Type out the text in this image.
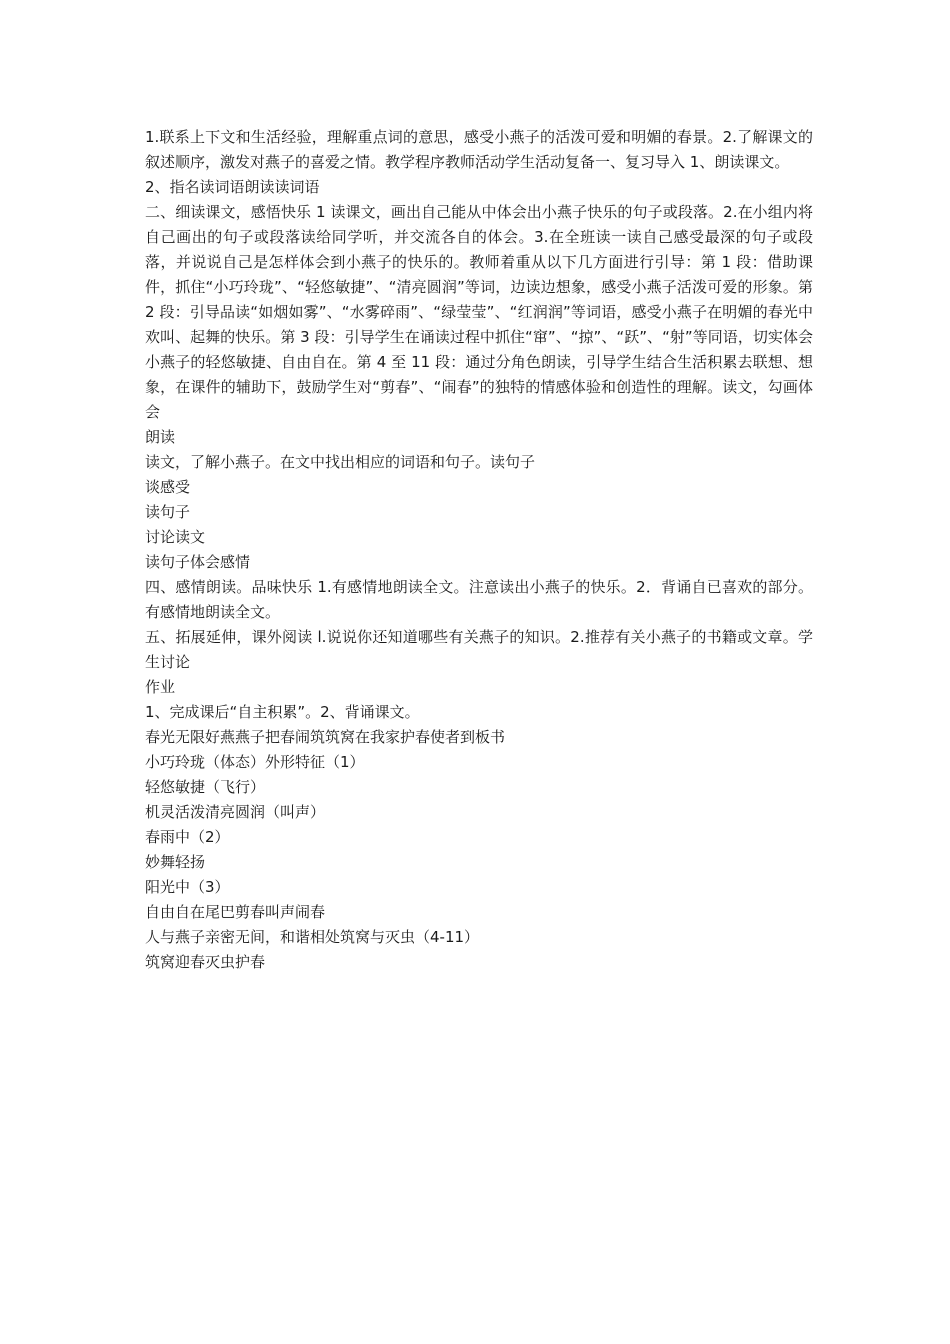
1.联系上下文和生活经验，理解重点词的意思，感受小燕子的活泼可爱和明媚的春景。2.了解课文的叙述顺序，激发对燕子的喜爱之情。教学程序教师活动学生活动复备一、复习导入 1、朗读课文。

2、指名读词语朗读读词语

二、细读课文，感悟快乐 1 读课文，画出自己能从中体会出小燕子快乐的句子或段落。2.在小组内将自己画出的句子或段落读给同学听，并交流各自的体会。3.在全班读一读自己感受最深的句子或段落，并说说自己是怎样体会到小燕子的快乐的。教师着重从以下几方面进行引导：第 1 段：借助课件，抓住“小巧玲珑”、“轻悠敏捷”、“清亮圆润”等词，边读边想象，感受小燕子活泼可爱的形象。第 2 段：引导品读“如烟如雾”、“水雾碎雨”、“绿莹莹”、“红润润”等词语，感受小燕子在明媚的春光中欢叫、起舞的快乐。第 3 段：引导学生在诵读过程中抓住“窜”、“掠”、“跃”、“射”等同语，切实体会小燕子的轻悠敏捷、自由自在。第 4 至 11 段：通过分角色朗读，引导学生结合生活积累去联想、想象，在课件的辅助下，鼓励学生对“剪春”、“闹春”的独特的情感体验和创造性的理解。读文，勾画体会

朗读

读文，了解小燕子。在文中找出相应的词语和句子。读句子

谈感受

读句子

讨论读文

读句子体会感情

四、感情朗读。品味快乐 1.有感情地朗读全文。注意读出小燕子的快乐。2．背诵自已喜欢的部分。有感情地朗读全文。

五、拓展延伸，课外阅读 l.说说你还知道哪些有关燕子的知识。2.推荐有关小燕子的书籍或文章。学生讨论

作业

1、完成课后“自主积累”。2、背诵课文。

春光无限好燕燕子把春闹筑筑窝在我家护春使者到板书

小巧玲珑（体态）外形特征（1）

轻悠敏捷（飞行）

机灵活泼清亮圆润（叫声）

春雨中（2）

妙舞轻扬

阳光中（3）

自由自在尾巴剪春叫声闹春

人与燕子亲密无间，和谐相处筑窝与灭虫（4-11）

筑窝迎春灭虫护春
